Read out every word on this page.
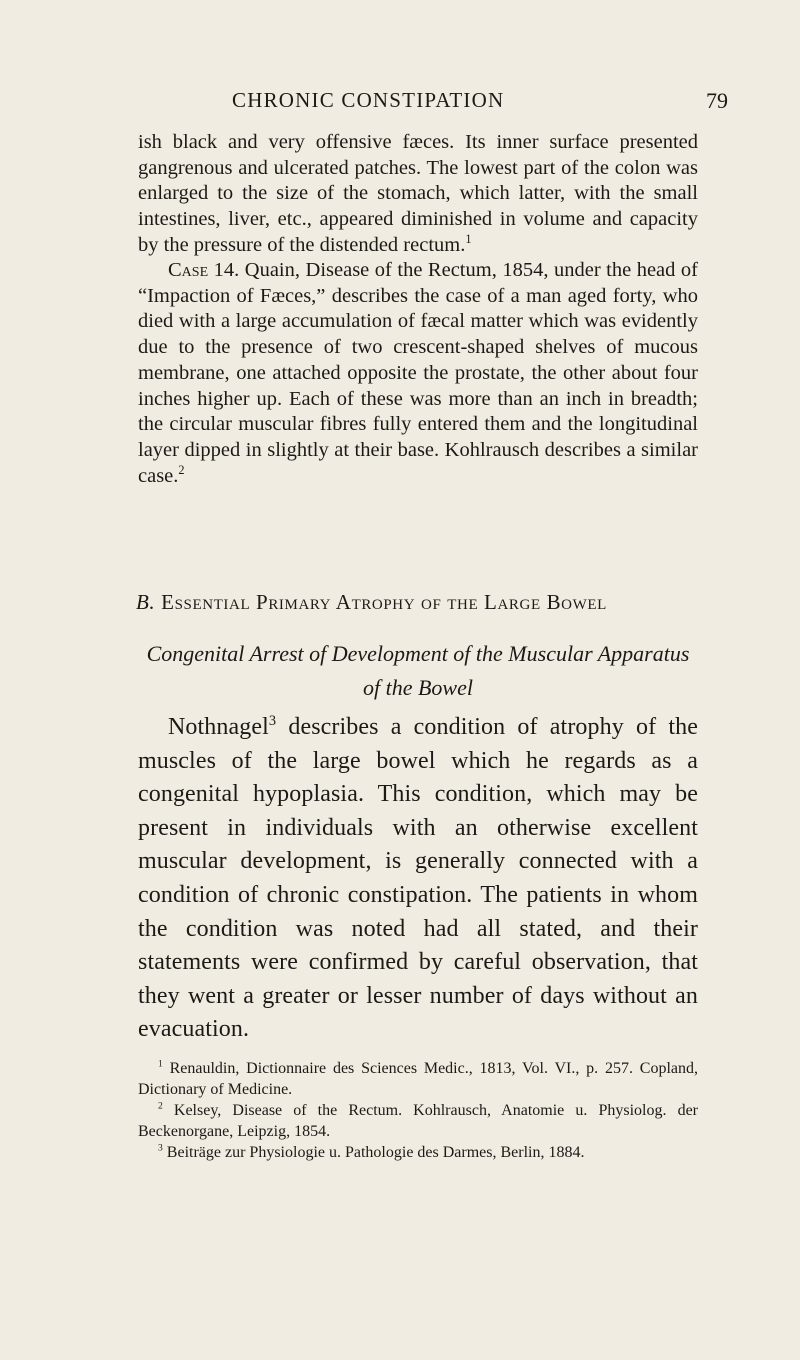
CHRONIC CONSTIPATION	79

ish black and very offensive fæces. Its inner surface presented gangrenous and ulcerated patches. The lowest part of the colon was enlarged to the size of the stomach, which latter, with the small intestines, liver, etc., appeared diminished in volume and capacity by the pressure of the distended rectum.$^1$

Case 14. Quain, Disease of the Rectum, 1854, under the head of “Impaction of Fæces,” describes the case of a man aged forty, who died with a large accumulation of fæcal matter which was evidently due to the presence of two crescent-shaped shelves of mucous membrane, one attached opposite the prostate, the other about four inches higher up. Each of these was more than an inch in breadth; the circular muscular fibres fully entered them and the longitudinal layer dipped in slightly at their base. Kohlrausch describes a similar case.$^2$

B. Essential Primary Atrophy of the Large Bowel
Congenital Arrest of Development of the Muscular Apparatus of the Bowel

Nothnagel$^3$ describes a condition of atrophy of the muscles of the large bowel which he regards as a congenital hypoplasia. This condition, which may be present in individuals with an otherwise excellent muscular development, is generally connected with a condition of chronic constipation. The patients in whom the condition was noted had all stated, and their statements were confirmed by careful observation, that they went a greater or lesser number of days without an evacuation.

$^1$ Renauldin, Dictionnaire des Sciences Medic., 1813, Vol. VI., p. 257. Copland, Dictionary of Medicine.

$^2$ Kelsey, Disease of the Rectum. Kohlrausch, Anatomie u. Physiolog. der Beckenorgane, Leipzig, 1854.

$^3$ Beiträge zur Physiologie u. Pathologie des Darmes, Berlin, 1884.
